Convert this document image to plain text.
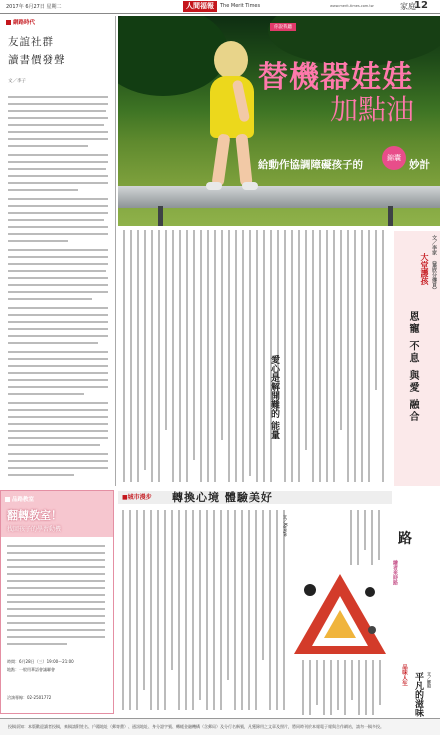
2017年 6月27日 星期二	人間福報	The Merit Times	www.merit-times.com.tw	家庭
12
網路時代
友誼社群
讀書價發聲
文／李子
你說我聽
替機器娃娃
加點油
給動作協調障礙孩子的
錦囊
妙計
文／李家　（葉欣分傳頁）
大堂護孩
恩寵 不息 與愛 融合
■城市漫步 轉換心境 體驗美好
愛心是解開難的 能量
文／Kyoyo
繪者來時路
路
品味人生 平凡的滋味	文／鄧昭
品路教室
翻轉教室！
找回孩子的學習動機
時間：6月28日（三）19:00～21:00
地點：一般用華語會議聯會
洽詢專線：02-2501772
投稿須知：本版歡迎讀者投稿，來稿請附姓名、戶籍地址（郵寄費）、通訊地址、身分證字號、轉帳金融機構（含郵局）及分行名稱號，凡獲錄用之文章及照片，將同時刊於本報電子報與合作網站，請勿一稿多投。
